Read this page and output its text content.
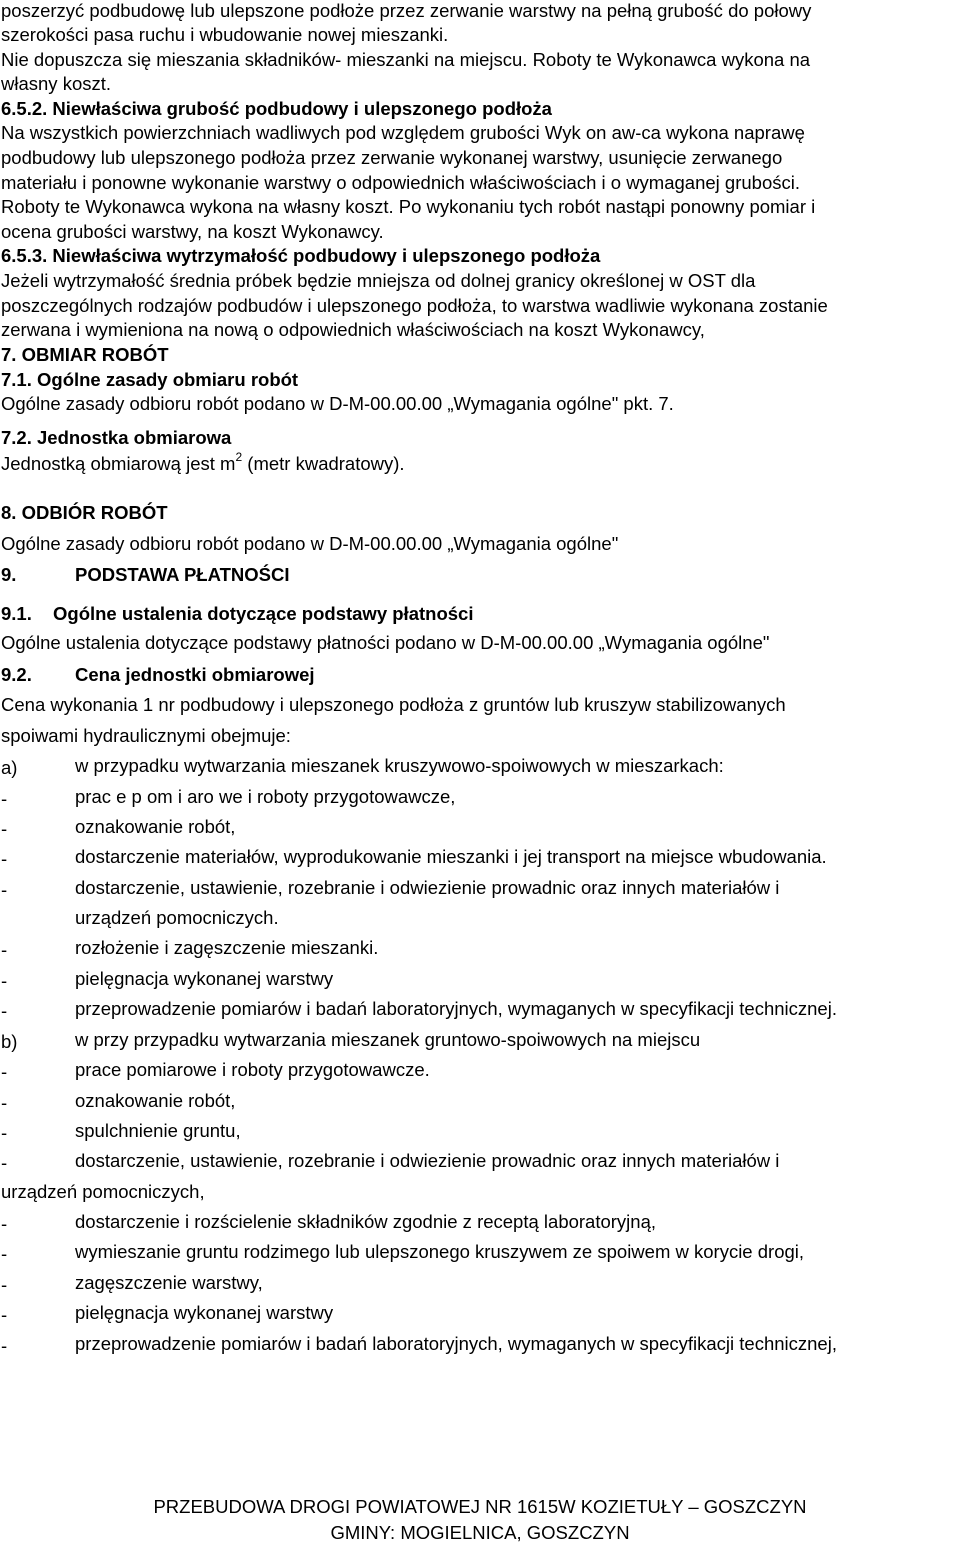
poszerzyć podbudowę lub ulepszone podłoże przez zerwanie warstwy na pełną grubość do połowy
szerokości pasa ruchu i wbudowanie nowej mieszanki.
Nie dopuszcza się mieszania składników- mieszanki na miejscu. Roboty te Wykonawca wykona na
własny koszt.
6.5.2. Niewłaściwa grubość podbudowy i ulepszonego podłoża
Na wszystkich powierzchniach wadliwych pod względem grubości Wyk on aw-ca wykona naprawę
podbudowy lub ulepszonego podłoża przez zerwanie wykonanej warstwy, usunięcie zerwanego
materiału i ponowne wykonanie warstwy o odpowiednich właściwościach i o wymaganej grubości.
Roboty te Wykonawca wykona na własny koszt. Po wykonaniu tych robót nastąpi ponowny pomiar i
ocena grubości warstwy, na koszt Wykonawcy.
6.5.3. Niewłaściwa wytrzymałość podbudowy i ulepszonego podłoża
Jeżeli wytrzymałość średnia próbek będzie mniejsza od dolnej granicy określonej w OST dla
poszczególnych rodzajów podbudów i ulepszonego podłoża, to warstwa wadliwie wykonana zostanie
zerwana i wymieniona na nową o odpowiednich właściwościach na koszt Wykonawcy,
7. OBMIAR ROBÓT
7.1. Ogólne zasady obmiaru robót
Ogólne zasady odbioru robót podano w D-M-00.00.00 „Wymagania ogólne" pkt. 7.
7.2. Jednostka obmiarowa
Jednostką obmiarową jest $m^2$ (metr kwadratowy).
8. ODBIÓR ROBÓT
Ogólne zasady odbioru robót podano w D-M-00.00.00 „Wymagania ogólne"
9.	PODSTAWA PŁATNOŚCI
9.1. Ogólne ustalenia dotyczące podstawy płatności
Ogólne ustalenia dotyczące podstawy płatności podano w D-M-00.00.00 „Wymagania ogólne"
9.2. Cena jednostki obmiarowej
Cena wykonania 1 nr podbudowy i ulepszonego podłoża z gruntów lub kruszyw stabilizowanych
spoiwami hydraulicznymi obejmuje:
a)	w przypadku wytwarzania mieszanek kruszywowo-spoiwowych w mieszarkach:
-	prac e p om i aro we i roboty przygotowawcze,
-	oznakowanie robót,
-	dostarczenie materiałów, wyprodukowanie mieszanki i jej transport na miejsce wbudowania.
-	dostarczenie, ustawienie, rozebranie i odwiezienie prowadnic oraz innych materiałów i
urządzeń pomocniczych.
-	rozłożenie i zagęszczenie mieszanki.
-	pielęgnacja wykonanej warstwy
-	przeprowadzenie pomiarów i badań laboratoryjnych, wymaganych w specyfikacji technicznej.
b)	w przy przypadku wytwarzania mieszanek gruntowo-spoiwowych na miejscu
-	prace pomiarowe i roboty przygotowawcze.
-	oznakowanie robót,
-	spulchnienie gruntu,
-	dostarczenie, ustawienie, rozebranie i odwiezienie prowadnic oraz innych materiałów i
urządzeń pomocniczych,
-	dostarczenie i rozścielenie składników zgodnie z receptą laboratoryjną,
-	wymieszanie gruntu rodzimego lub ulepszonego kruszywem ze spoiwem w korycie drogi,
-	zagęszczenie warstwy,
-	pielęgnacja wykonanej warstwy
-	przeprowadzenie pomiarów i badań laboratoryjnych, wymaganych w specyfikacji technicznej,
PRZEBUDOWA DROGI POWIATOWEJ NR 1615W KOZIETUŁY – GOSZCZYN
GMINY: MOGIELNICA, GOSZCZYN
